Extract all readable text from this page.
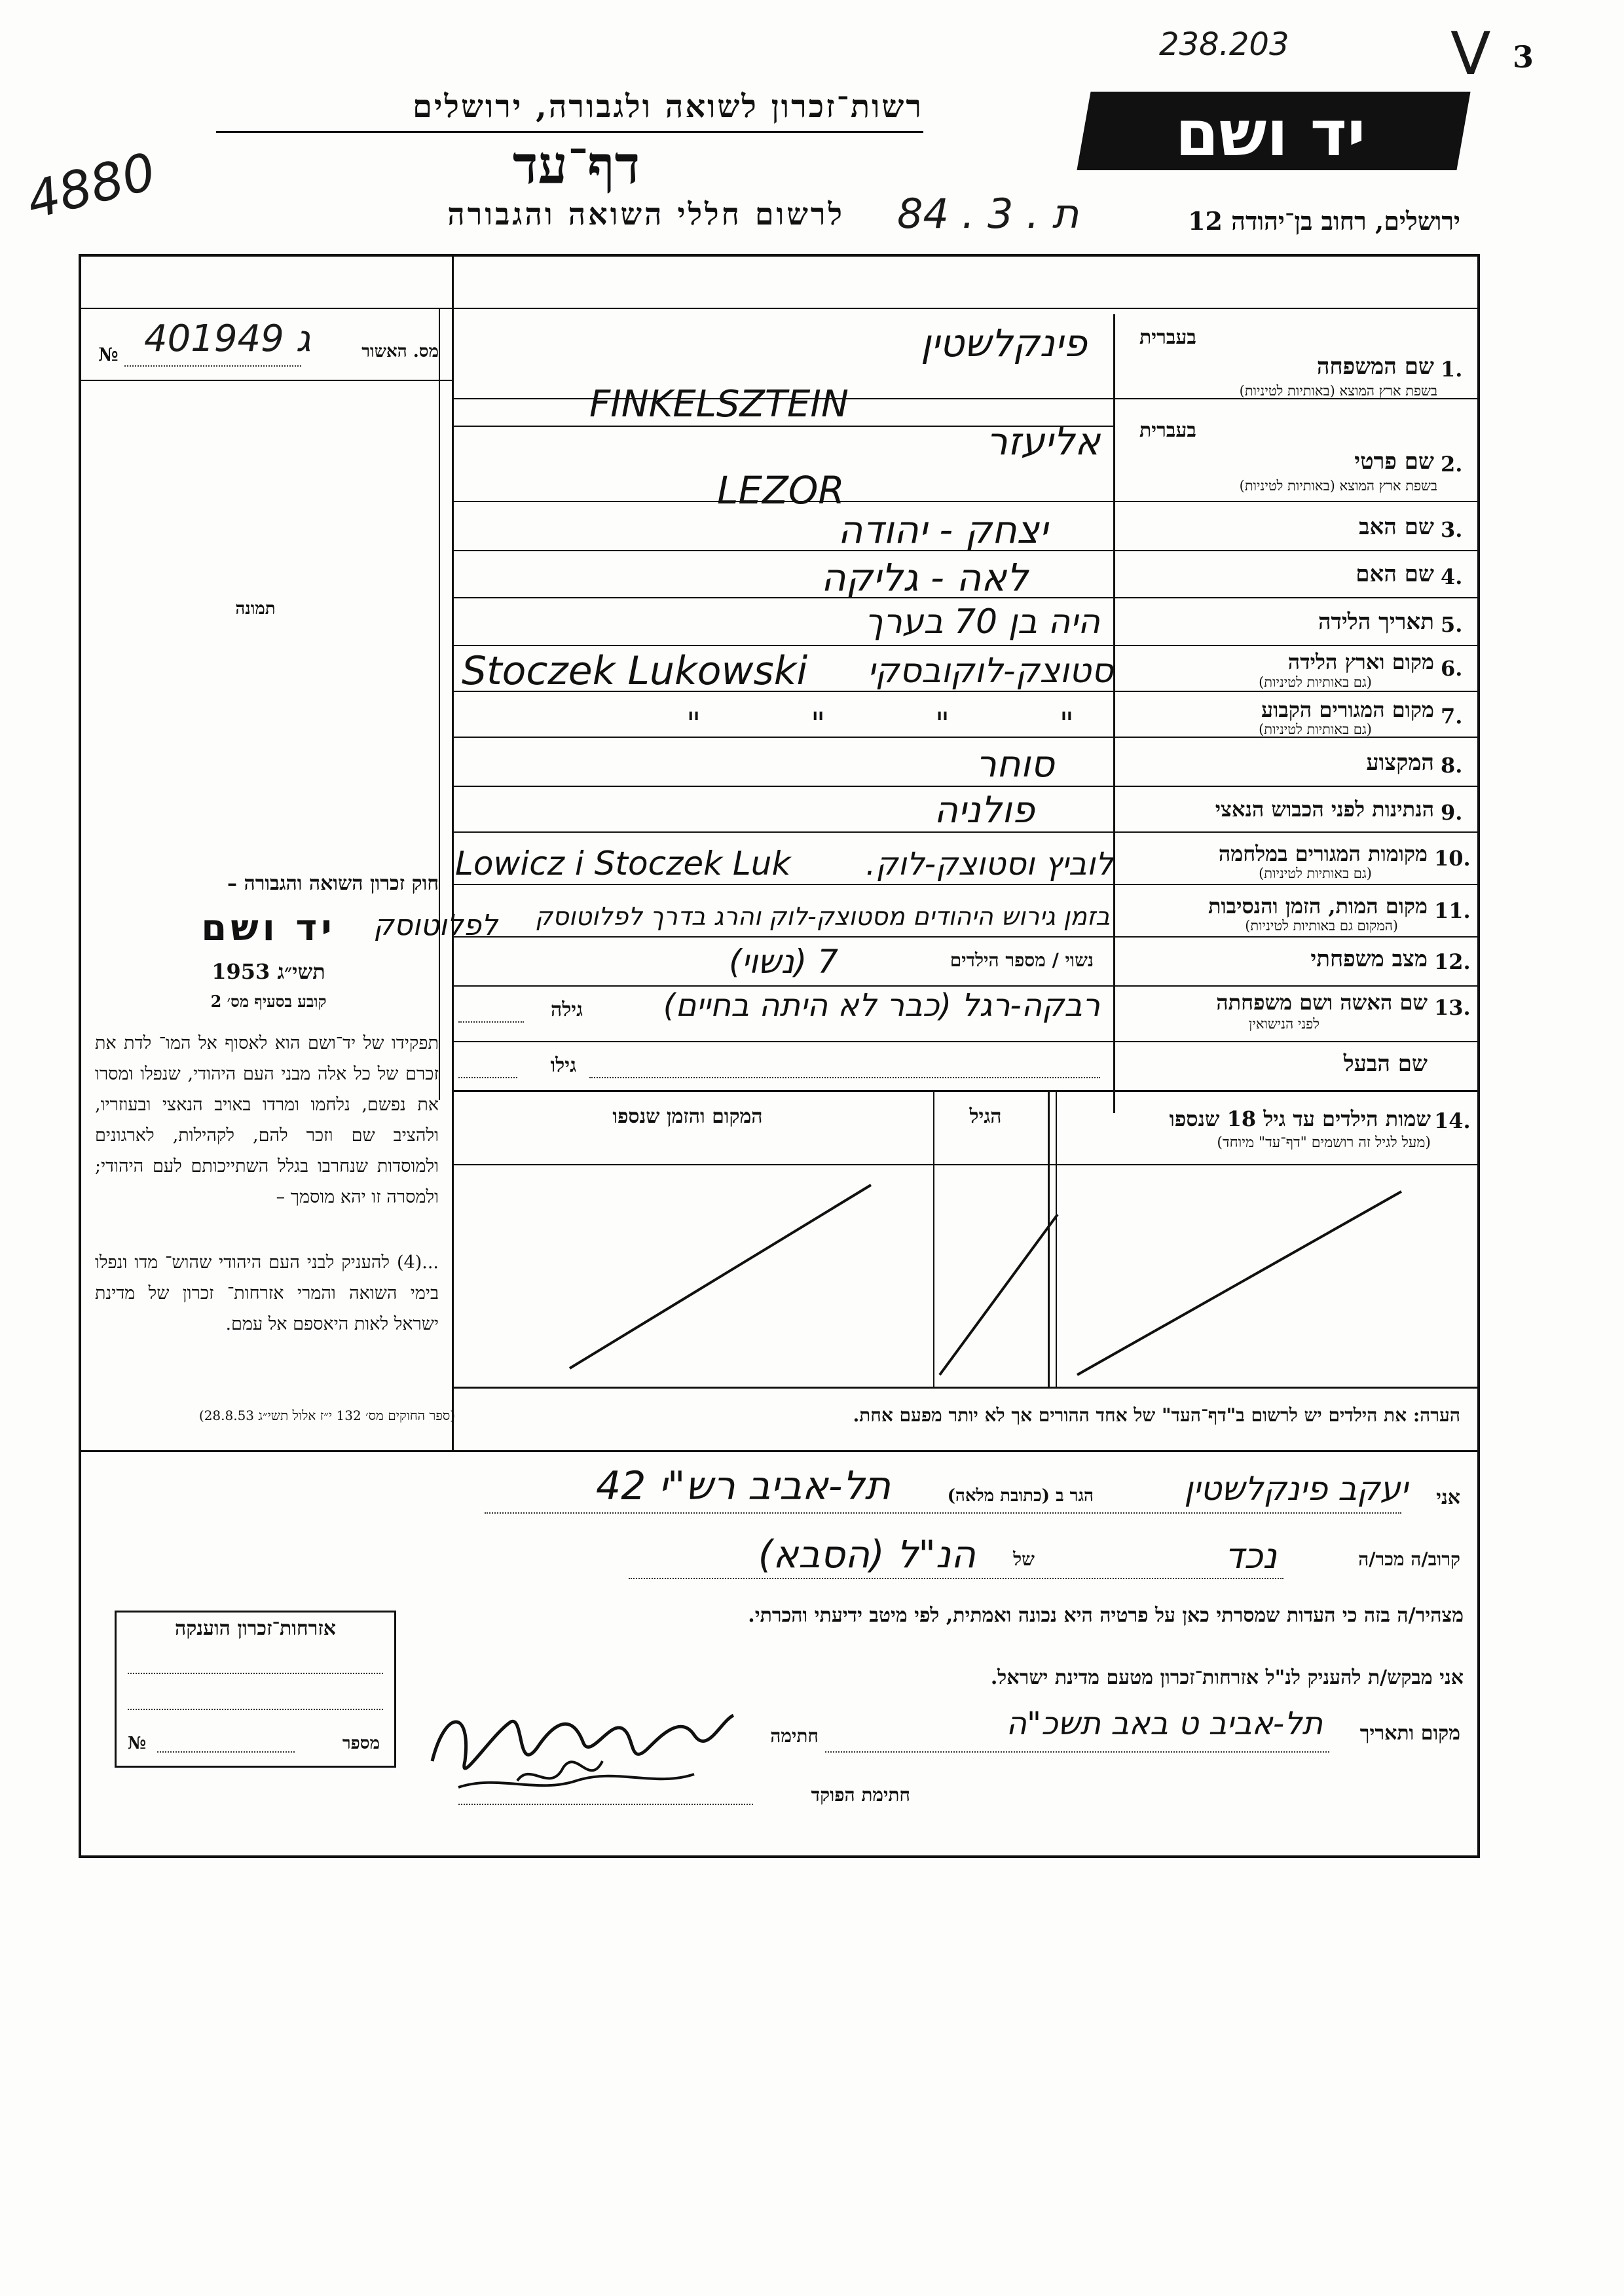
238.203	V 3
4880
רשות־זכרון לשואה ולגבורה, ירושלים	יד ושם
דף־עד
לרשום חללי השואה והגבורה 84 . 3 . ת	ירושלים, רחוב בן־יהודה 12
מס. האשור
№ ג 401949
תמונה
1.
בעברית
שם המשפחה
בשפת ארץ המוצא (באותיות לטיניות)
פינקלשטין
FINKELSZTEIN
2.
בעברית
שם פרטי
בשפת ארץ המוצא (באותיות לטיניות)
אליעזר
LEZOR
3.
שם האב
יצחק - יהודה
4.
שם האם
לאה - גליקה
5.
תאריך הלידה
היה בן 70 בערך
6.
מקום וארץ הלידה
(גם באותיות לטיניות)
Stoczek Lukowski סטוצק-לוקובסקי
7.
מקום המגורים הקבוע
(גם באותיות לטיניות)
"           "           "           "
8.
המקצוע
סוחר
9.
הנתינות לפני הכבוש הנאצי
פולניה
10.
מקומות המגורים במלחמה
(גם באותיות לטיניות)
Lowicz i Stoczek Luk	לוביץ וסטוצק-לוק.
11.
מקום המות, הזמן והנסיבות
(המקום גם באותיות לטיניות)
בזמן גירוש היהודים מסטוצק-לוק והרג בדרך לפלוטוסק
12.
מצב משפחתי
נשוי / מספר הילדים
7 (נשוי)
13.
שם האשה ושם משפחתה
לפני הנישואין
גילה	רבקה-רגל (כבר לא היתה בחיים)
שם הבעל
גילו
14.
שמות הילדים עד גיל 18 שנספו
(מעל לגיל זה רושמים "דף־עד" מיוחד)
הגיל
המקום והזמן שנספו
חוק זכרון השואה והגבורה –
יד ושם	לפלוטוסק
תשי״ג 1953
קובע בסעיף מס׳ 2
תפקידו של יד־ושם הוא לאסוף אל המו־ לדת את זכרם של כל אלה מבני העם היהודי, שנפלו ומסרו את נפשם, נלחמו ומרדו באויב הנאצי ובעוזריו, ולהציב שם וזכר להם, לקהילות, לארגונים ולמוסדות שנחרבו בגלל השתייכותם לעם היהודי; ולמסרה זו יהא מוסמך –
...(4) להעניק לבני העם היהודי שהוש־ מדו ונפלו בימי השואה והמרי אזרחות־ זכרון של מדינת ישראל לאות היאספם אל עמם.
(ספר החוקים מס׳ 132 י״ז אלול תשי״ג 28.8.53)	הערה: את הילדים יש לרשום ב"דף־העד" של אחד ההורים אך לא יותר מפעם אחת.
אני
יעקב פינקלשטין
הגר ב (כתובת מלאה)
תל-אביב רש"י 42
קרוב/ה מכר/ה
נכד
של
הנ"ל (הסבא)
מצהיר/ה בזה כי העדות שמסרתי כאן על פרטיה היא נכונה ואמתית, לפי מיטב ידיעתי והכרתי.
אני מבקש/ת להעניק לנ"ל אזרחות־זכרון מטעם מדינת ישראל.
מקום ותאריך
תל-אביב ט באב תשכ"ה
חתימה
חתימת הפוקד
אזרחות־זכרון הוענקה
מספר
№
